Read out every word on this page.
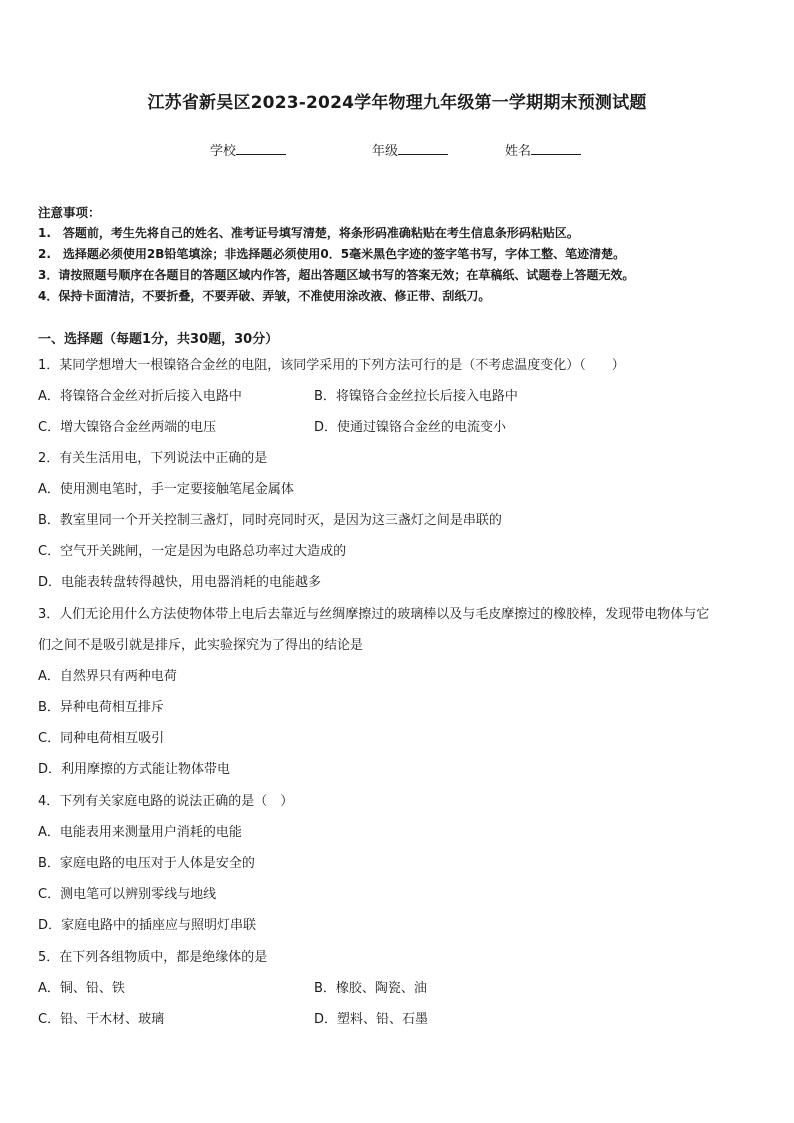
江苏省新吴区2023-2024学年物理九年级第一学期期末预测试题
学校	年级	姓名
注意事项：
1.　答题前，考生先将自己的姓名、准考证号填写清楚，将条形码准确粘贴在考生信息条形码粘贴区。
2.　选择题必须使用2B铅笔填涂；非选择题必须使用0．5毫米黑色字迹的签字笔书写，字体工整、笔迹清楚。
3．请按照题号顺序在各题目的答题区域内作答，超出答题区域书写的答案无效；在草稿纸、试题卷上答题无效。
4．保持卡面清洁，不要折叠，不要弄破、弄皱，不准使用涂改液、修正带、刮纸刀。
一、选择题（每题1分，共30题，30分）
1．某同学想增大一根镍铬合金丝的电阻，该同学采用的下列方法可行的是（不考虑温度变化）（　　）
A．将镍铬合金丝对折后接入电路中	B．将镍铬合金丝拉长后接入电路中
C．增大镍铬合金丝两端的电压	D．使通过镍铬合金丝的电流变小
2．有关生活用电，下列说法中正确的是
A．使用测电笔时，手一定要接触笔尾金属体
B．教室里同一个开关控制三盏灯，同时亮同时灭，是因为这三盏灯之间是串联的
C．空气开关跳闸，一定是因为电路总功率过大造成的
D．电能表转盘转得越快，用电器消耗的电能越多
3．人们无论用什么方法使物体带上电后去靠近与丝绸摩擦过的玻璃棒以及与毛皮摩擦过的橡胶棒，发现带电物体与它
们之间不是吸引就是排斥，此实验探究为了得出的结论是
A．自然界只有两种电荷
B．异种电荷相互排斥
C．同种电荷相互吸引
D．利用摩擦的方式能让物体带电
4．下列有关家庭电路的说法正确的是（　）
A．电能表用来测量用户消耗的电能
B．家庭电路的电压对于人体是安全的
C．测电笔可以辨别零线与地线
D．家庭电路中的插座应与照明灯串联
5．在下列各组物质中，都是绝缘体的是
A．铜、铅、铁	B．橡胶、陶瓷、油
C．铅、干木材、玻璃	D．塑料、铅、石墨
